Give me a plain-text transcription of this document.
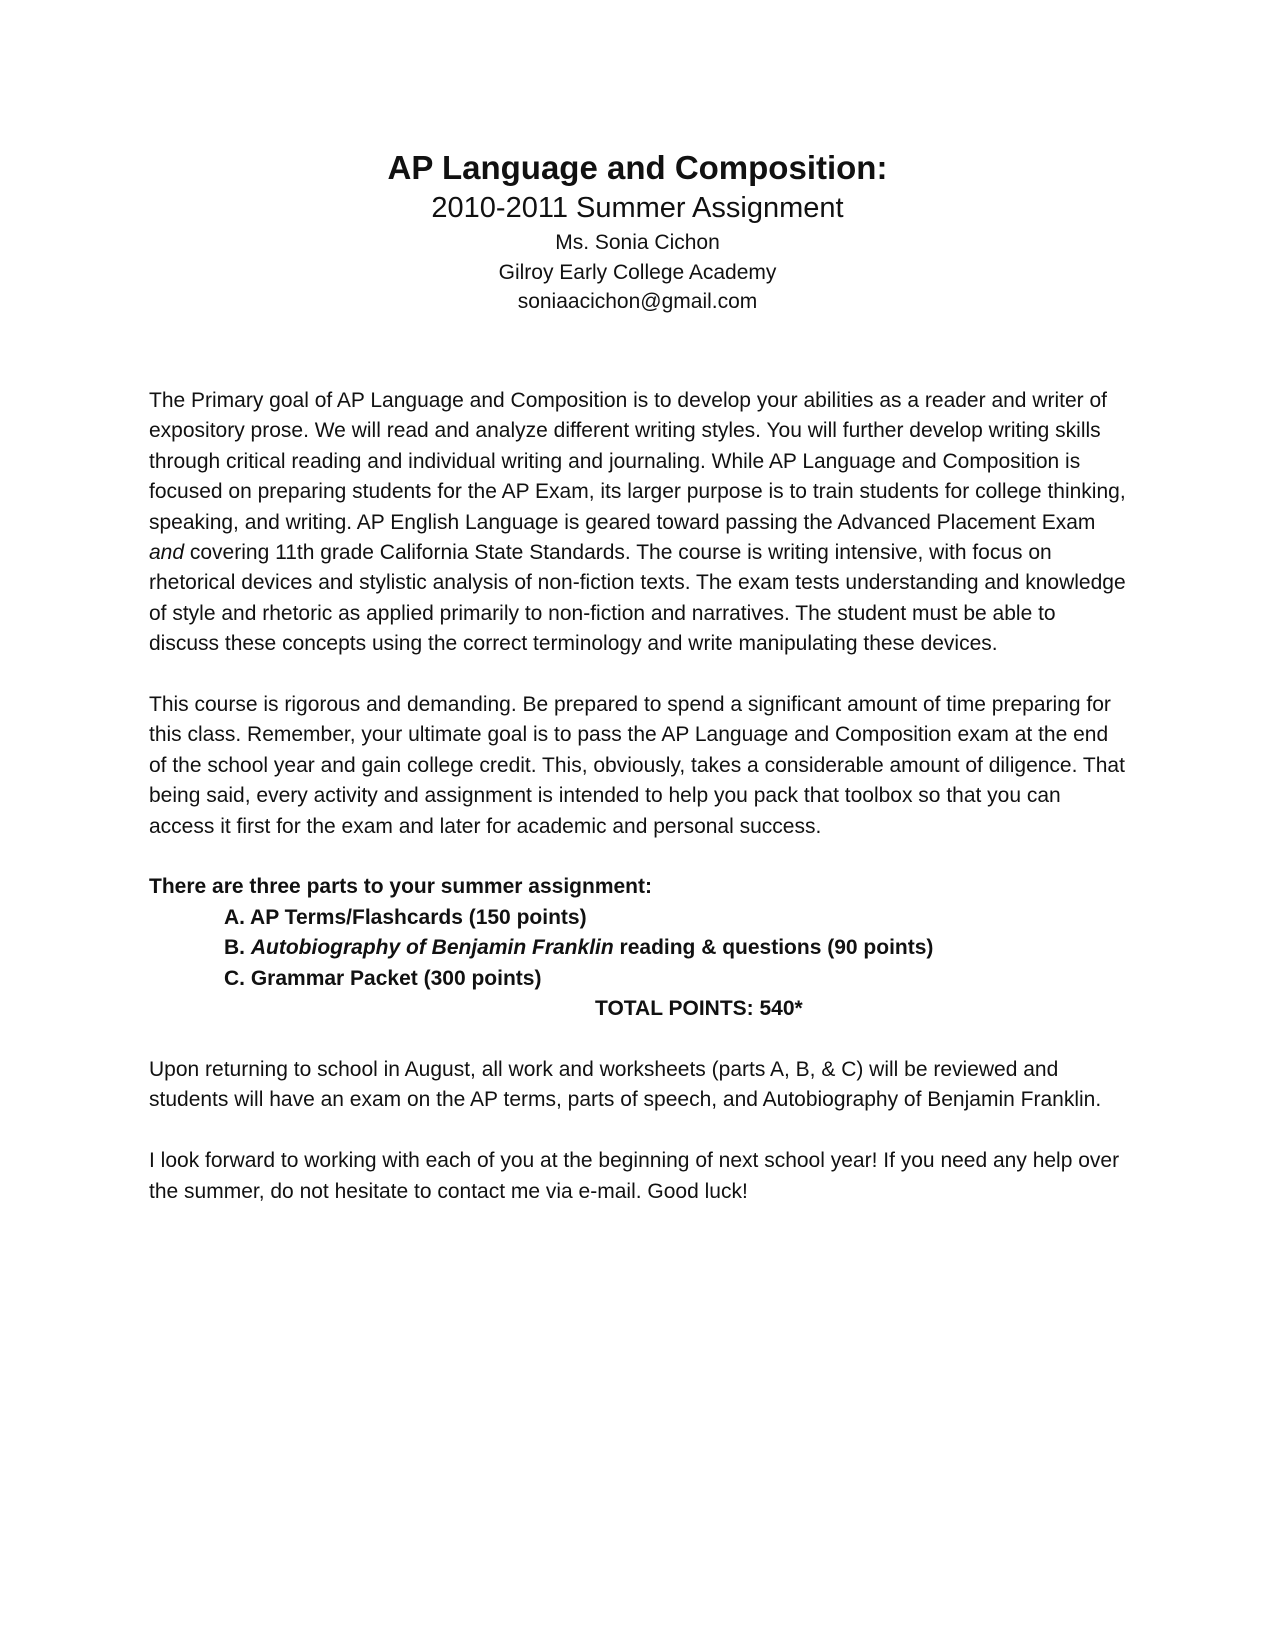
AP Language and Composition:

2010-2011 Summer Assignment

Ms. Sonia Cichon

Gilroy Early College Academy

soniaacichon@gmail.com

The Primary goal of AP Language and Composition is to develop your abilities as a reader and writer of expository prose. We will read and analyze different writing styles. You will further develop writing skills through critical reading and individual writing and journaling. While AP Language and Composition is focused on preparing students for the AP Exam, its larger purpose is to train students for college thinking, speaking, and writing. AP English Language is geared toward passing the Advanced Placement Exam and covering 11th grade California State Standards. The course is writing intensive, with focus on rhetorical devices and stylistic analysis of non-fiction texts. The exam tests understanding and knowledge of style and rhetoric as applied primarily to non-fiction and narratives. The student must be able to discuss these concepts using the correct terminology and write manipulating these devices.

This course is rigorous and demanding. Be prepared to spend a significant amount of time preparing for this class. Remember, your ultimate goal is to pass the AP Language and Composition exam at the end of the school year and gain college credit. This, obviously, takes a considerable amount of diligence. That being said, every activity and assignment is intended to help you pack that toolbox so that you can access it first for the exam and later for academic and personal success.

There are three parts to your summer assignment:

A. AP Terms/Flashcards (150 points)

B. Autobiography of Benjamin Franklin reading & questions (90 points)

C. Grammar Packet (300 points)

TOTAL POINTS: 540*

Upon returning to school in August, all work and worksheets (parts A, B, & C) will be reviewed and students will have an exam on the AP terms, parts of speech, and Autobiography of Benjamin Franklin.

I look forward to working with each of you at the beginning of next school year! If you need any help over the summer, do not hesitate to contact me via e-mail. Good luck!
